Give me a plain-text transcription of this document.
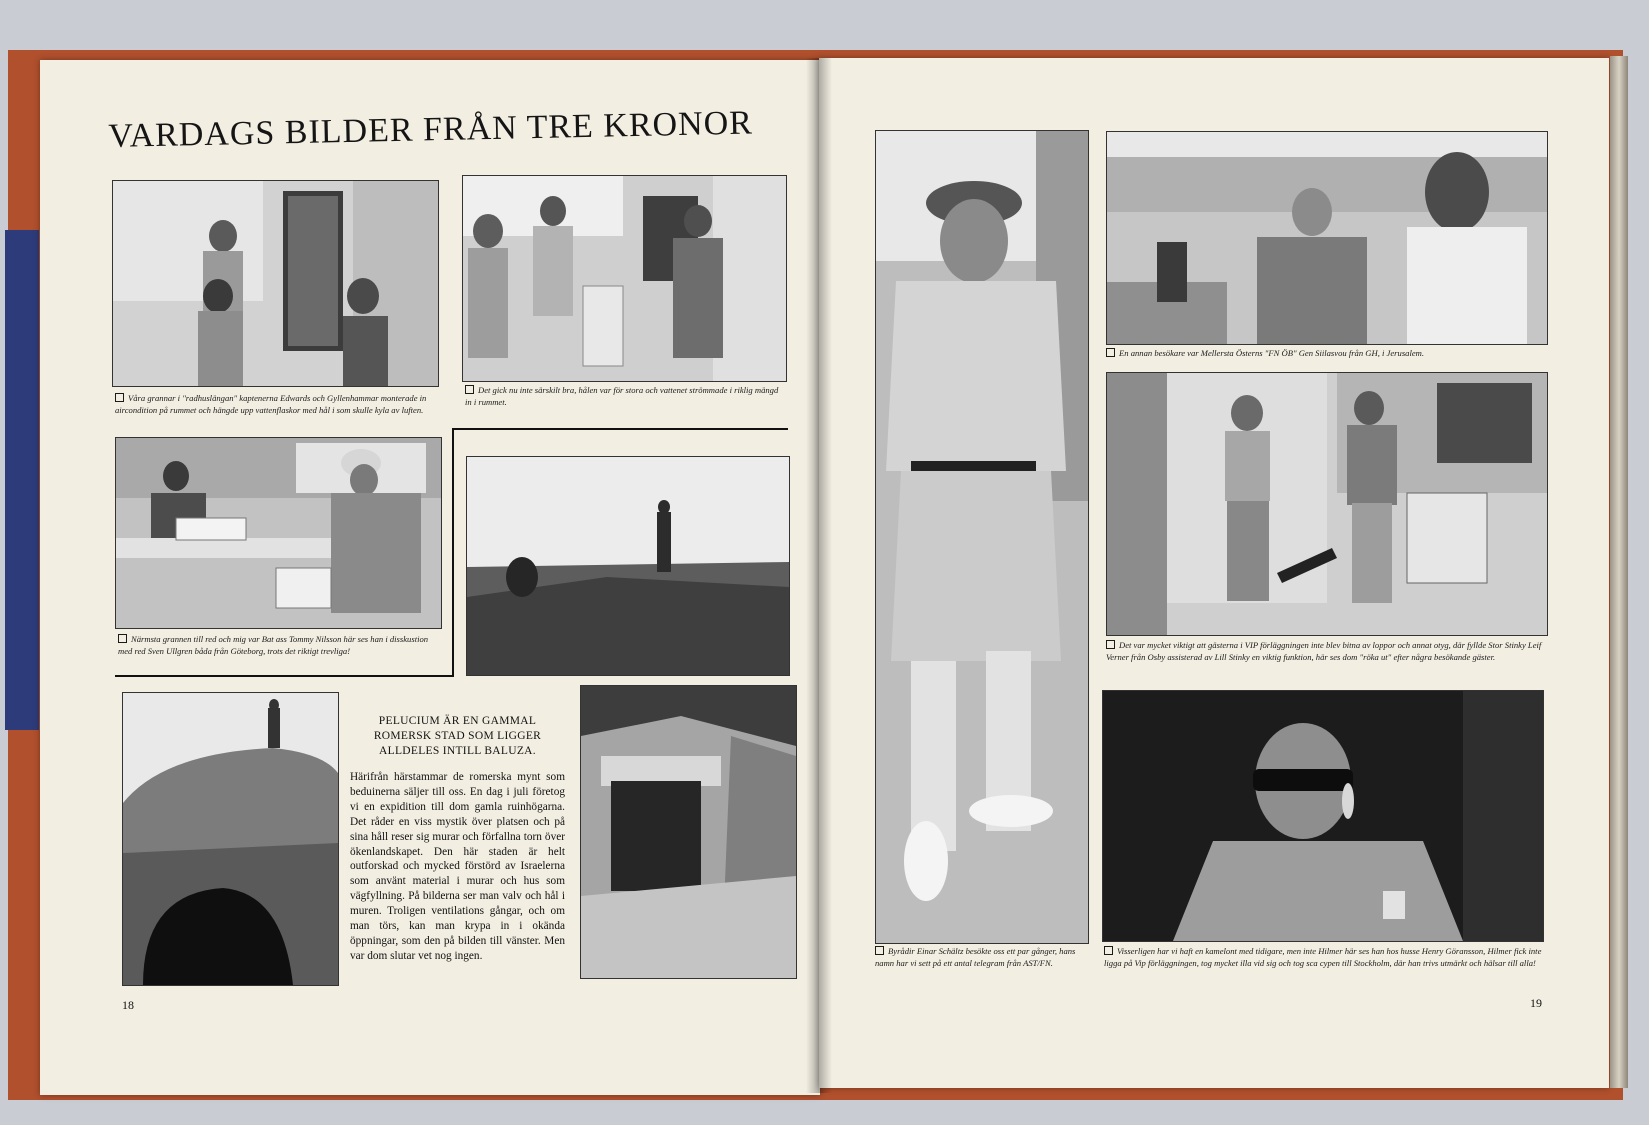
VARDAGS BILDER FRÅN TRE KRONOR
Våra grannar i "radhuslängan" kaptenerna Edwards och Gyllenhammar monterade in aircondition på rummet och hängde upp vattenflaskor med hål i som skulle kyla av luften.
Det gick nu inte särskilt bra, hålen var för stora och vattenet strömmade i riklig mängd in i rummet.
Närmsta grannen till red och mig var Bat ass Tommy Nilsson här ses han i disskustion med red Sven Ullgren båda från Göteborg, trots det riktigt trevliga!
PELUCIUM ÄR EN GAMMAL ROMERSK STAD SOM LIGGER ALLDELES INTILL BALUZA.

Härifrån härstammar de romerska mynt som beduinerna säljer till oss. En dag i juli företog vi en expidition till dom gamla ruinhögarna. Det råder en viss mystik över platsen och på sina håll reser sig murar och förfallna torn över ökenlandskapet. Den här staden är helt outforskad och mycked förstörd av Israelerna som använt material i murar och hus som vägfyllning. På bilderna ser man valv och hål i muren. Troligen ventilations gångar, och om man törs, kan man krypa in i okända öppningar, som den på bilden till vänster. Men var dom slutar vet nog ingen.

18
Byrådir Einar Schältz besökte oss ett par gånger, hans namn har vi sett på ett antal telegram från AST/FN.
En annan besökare var Mellersta Österns "FN ÖB" Gen Siilasvou från GH, i Jerusalem.
Det var mycket viktigt att gästerna i VIP förläggningen inte blev bitna av loppor och annat otyg, där fyllde Stor Stinky Leif Verner från Osby assisterad av Lill Stinky en viktig funktion, här ses dom "röka ut" efter några besökande gäster.
Visserligen har vi haft en kamelont med tidigare, men inte Hilmer här ses han hos husse Henry Göransson, Hilmer fick inte ligga på Vip förläggningen, tog mycket illa vid sig och tog sca cypen till Stockholm, där han trivs utmärkt och hälsar till alla!
19
